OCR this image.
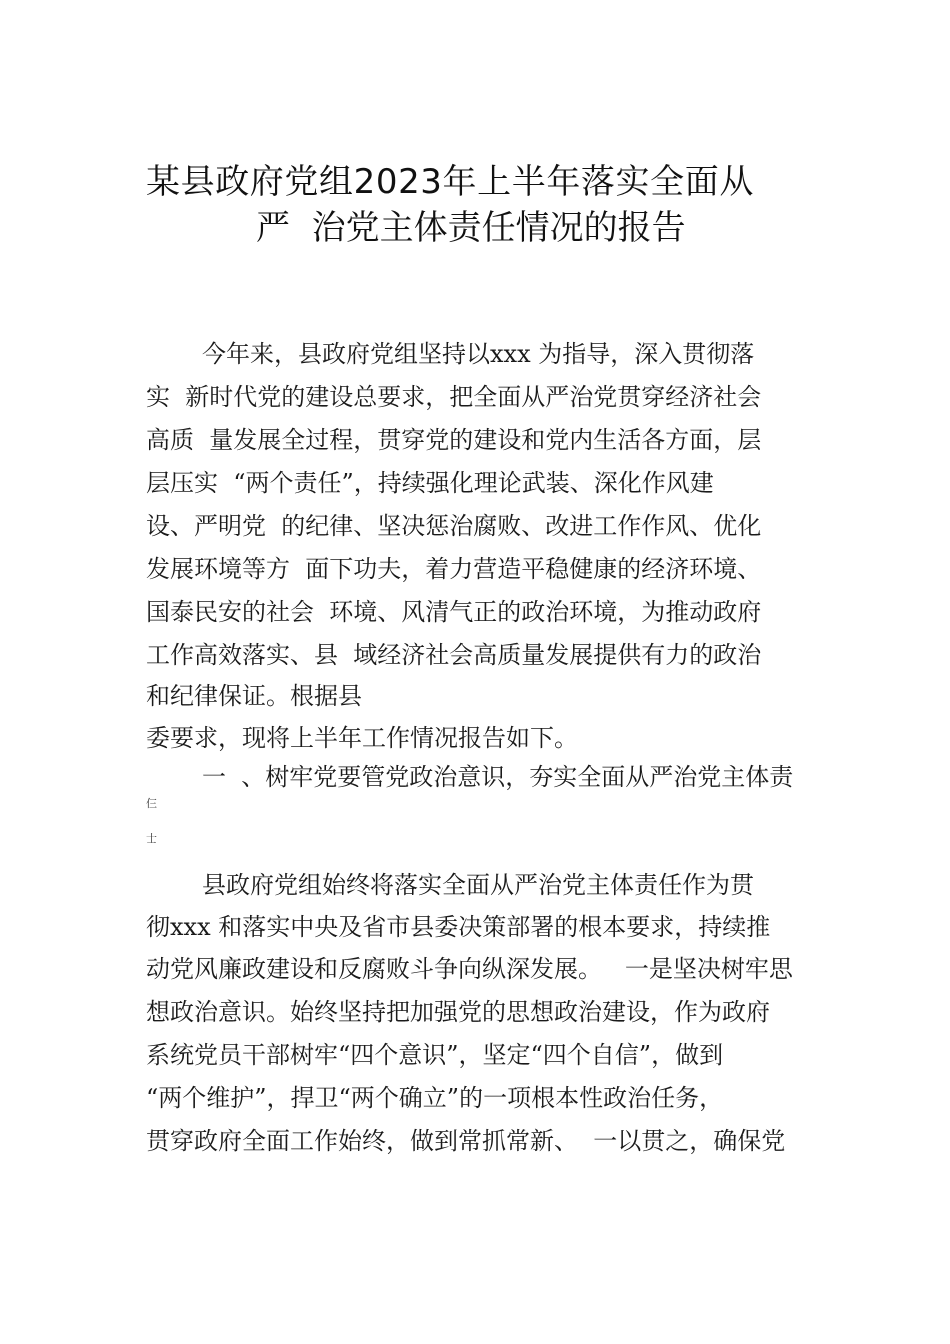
某县政府党组2023年上半年落实全面从
严  治党主体责任情况的报告

今年来，县政府党组坚持以xxx 为指导，深入贯彻落

实  新时代党的建设总要求，把全面从严治党贯穿经济社会

高质  量发展全过程，贯穿党的建设和党内生活各方面，层

层压实  “两个责任”，持续强化理论武装、深化作风建

设、严明党  的纪律、坚决惩治腐败、改进工作作风、优化

发展环境等方  面下功夫，着力营造平稳健康的经济环境、

国泰民安的社会  环境、风清气正的政治环境，为推动政府

工作高效落实、县  域经济社会高质量发展提供有力的政治

和纪律保证。根据县

委要求，现将上半年工作情况报告如下。

一  、树牢党要管党政治意识，夯实全面从严治党主体责

仨

士

县政府党组始终将落实全面从严治党主体责任作为贯

彻xxx 和落实中央及省市县委决策部署的根本要求，持续推

动党风廉政建设和反腐败斗争向纵深发展。   一是坚决树牢思

想政治意识。始终坚持把加强党的思想政治建设，作为政府

系统党员干部树牢“四个意识”，坚定“四个自信”，做到

“两个维护”，捍卫“两个确立”的一项根本性政治任务，

贯穿政府全面工作始终，做到常抓常新、  一以贯之，确保党
